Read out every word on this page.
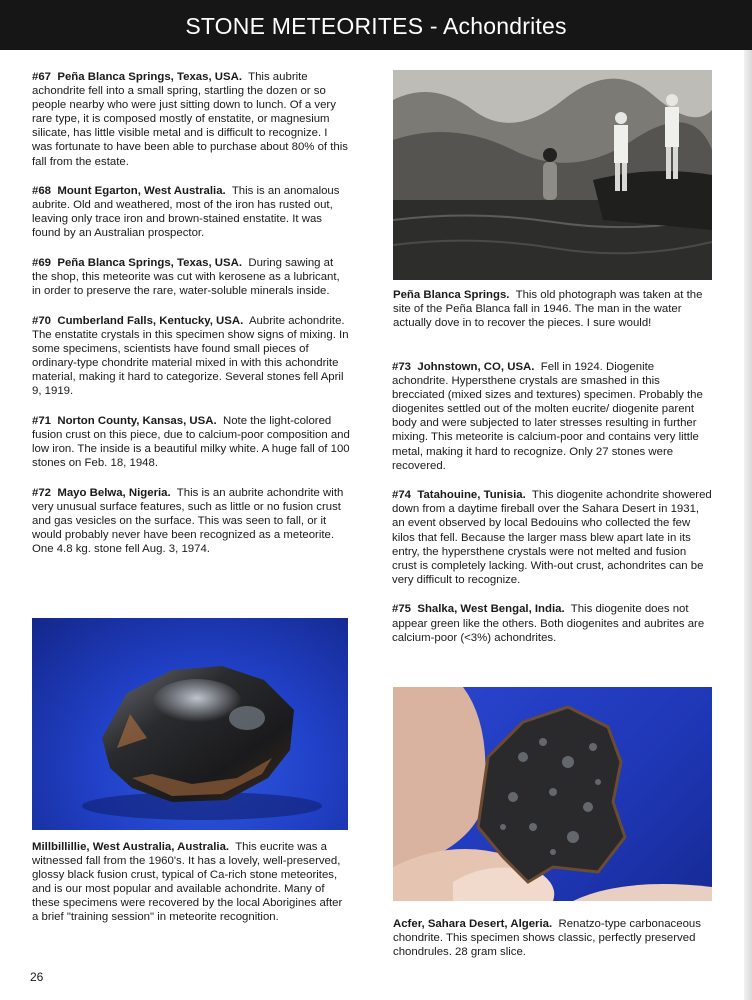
STONE METEORITES - Achondrites

#67 Peña Blanca Springs, Texas, USA. This aubrite achondrite fell into a small spring, startling the dozen or so people nearby who were just sitting down to lunch. Of a very rare type, it is composed mostly of enstatite, or magnesium silicate, has little visible metal and is difficult to recognize. I was fortunate to have been able to purchase about 80% of this fall from the estate.

#68 Mount Egarton, West Australia. This is an anomalous aubrite. Old and weathered, most of the iron has rusted out, leaving only trace iron and brown-stained enstatite. It was found by an Australian prospector.

#69 Peña Blanca Springs, Texas, USA. During sawing at the shop, this meteorite was cut with kerosene as a lubricant, in order to preserve the rare, water-soluble minerals inside.

#70 Cumberland Falls, Kentucky, USA. Aubrite achondrite. The enstatite crystals in this specimen show signs of mixing. In some specimens, scientists have found small pieces of ordinary-type chondrite material mixed in with this achondrite material, making it hard to categorize. Several stones fell April 9, 1919.

#71 Norton County, Kansas, USA. Note the light-colored fusion crust on this piece, due to calcium-poor composition and low iron. The inside is a beautiful milky white. A huge fall of 100 stones on Feb. 18, 1948.

#72 Mayo Belwa, Nigeria. This is an aubrite achondrite with very unusual surface features, such as little or no fusion crust and gas vesicles on the surface. This was seen to fall, or it would probably never have been recognized as a meteorite. One 4.8 kg. stone fell Aug. 3, 1974.

Millbillillie, West Australia, Australia. This eucrite was a witnessed fall from the 1960's. It has a lovely, well-preserved, glossy black fusion crust, typical of Ca-rich stone meteorites, and is our most popular and available achondrite. Many of these specimens were recovered by the local Aborigines after a brief "training session" in meteorite recognition.
Peña Blanca Springs. This old photograph was taken at the site of the Peña Blanca fall in 1946. The man in the water actually dove in to recover the pieces. I sure would!

#73 Johnstown, CO, USA. Fell in 1924. Diogenite achondrite. Hypersthene crystals are smashed in this brecciated (mixed sizes and textures) specimen. Probably the diogenites settled out of the molten eucrite/ diogenite parent body and were subjected to later stresses resulting in further mixing. This meteorite is calcium-poor and contains very little metal, making it hard to recognize. Only 27 stones were recovered.

#74 Tatahouine, Tunisia. This diogenite achondrite showered down from a daytime fireball over the Sahara Desert in 1931, an event observed by local Bedouins who collected the few kilos that fell. Because the larger mass blew apart late in its entry, the hypersthene crystals were not melted and fusion crust is completely lacking. With-out crust, achondrites can be very difficult to recognize.

#75 Shalka, West Bengal, India. This diogenite does not appear green like the others. Both diogenites and aubrites are calcium-poor (<3%) achondrites.

Acfer, Sahara Desert, Algeria. Renatzo-type carbonaceous chondrite. This specimen shows classic, perfectly preserved chondrules. 28 gram slice.
26
